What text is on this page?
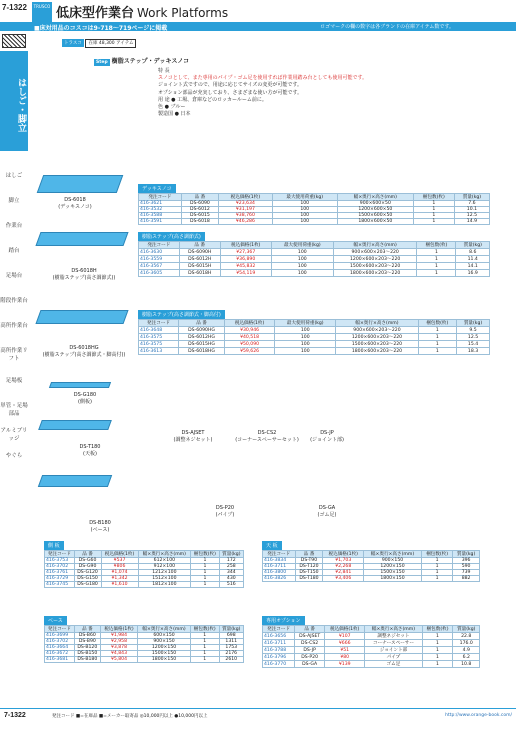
7-1322	TRUSCO 低床型作業台 Work Platforms
■床対用品のコスコは9-718〜719ページに掲載	ロゴマークの欄の数字は各ブランドの在庫アイテム数です。
はしご・脚立
はしご
脚立
作業台
踏台
足場台
階段作業台
高所作業台
高所作業リフト
足場板
単管・足場部品
アルミブリッジ
やぐら
トラスコ 在庫 48,300 アイテム
Step 樹脂ステップ・デッキスノコ
特 長
スノコとして、また専用のパイプ・ゴム足を使用すれば作業用踏み台としても使用可能です。
ジョイント式ですので、用途に応じてサイズの変更が可能です。
オプション部品が充実しており、さまざまな使い方が可能です。
用 途 ● 工場、倉庫などのロッカールーム前に。
色 ● ブルー
製造国 ● 日本
DS-6018
(デッキスノコ)
DS-6018H
(樹脂ステップ(高さ調節式))
DS-6018HG
(樹脂ステップ(高さ調節式・脚高付))
DS-G180
(側板)
DS-T180
(天板)
DS-B180
(ベース)
DS-AJSET
(調整ネジセット)
DS-CS2
(コーナースペーサーセット)
DS-JP
(ジョイント部)
DS-P20
(パイプ)
DS-GA
(ゴム足)
デッキスノコ
発注コード	品 番	税込価格(1枚)	最大使用荷重(kg)	幅×奥行×高さ(mm)	梱包数(枚)	質量(kg)
416-3621	DS-6090	¥23,634	100	900×600×50	1	7.6
416-3532	DS-6012	¥31,197	100	1200×600×50	1	10.1
416-3588	DS-6015	¥38,760	100	1500×600×50	1	12.5
416-3591	DS-6018	¥46,286	100	1800×600×50	1	14.9
樹脂ステップ(高さ調節式)
発注コード	品 番	税込価格(1枚)	最大使用荷重(kg)	幅×奥行×高さ(mm)	梱包数(枚)	質量(kg)
416-3630	DS-6090H	¥27,367	100	900×600×203〜220	1	8.6
416-3559	DS-6012H	¥36,890	100	1200×600×203〜220	1	11.4
416-3567	DS-6015H	¥45,832	100	1500×600×203〜220	1	14.1
416-3605	DS-6018H	¥54,119	100	1800×600×203〜220	1	16.9
樹脂ステップ(高さ調節式・脚高付)
発注コード	品 番	税込価格(1枚)	最大使用荷重(kg)	幅×奥行×高さ(mm)	梱包数(枚)	質量(kg)
416-3648	DS-6090HG	¥30,946	100	900×600×203〜220	1	9.5
416-3575	DS-6012HG	¥40,518	100	1200×600×203〜220	1	12.5
416-3575	DS-6015HG	¥50,090	100	1500×600×203〜220	1	15.4
416-3613	DS-6018HG	¥59,626	100	1800×600×203〜220	1	18.3
側 板
発注コード	品 番	税込価格(1枚)	幅×奥行×高さ(mm)	梱包数(枚)	質量(kg)
416-3753	DS-G60	¥537	612×100	1	172
416-3702	DS-G90	¥806	912×100	1	258
416-3761	DS-G120	¥1,074	1212×100	1	344
416-3729	DS-G150	¥1,342	1512×100	1	430
416-3745	DS-G180	¥1,610	1812×100	1	516
天 板
発注コード	品 番	税込価格(1枚)	幅×奥行×高さ(mm)	梱包数(枚)	質量(kg)
416-3834	DS-T90	¥1,703	900×150	1	396
416-3711	DS-T120	¥2,268	1200×150	1	590
416-3800	DS-T150	¥2,841	1500×150	1	739
416-3826	DS-T180	¥3,406	1800×150	1	882
ベース
発注コード	品 番	税込価格(1枚)	幅×奥行×高さ(mm)	梱包数(枚)	質量(kg)
416-3699	DS-B60	¥1,984	600×150	1	698
416-3702	DS-B90	¥2,958	900×150	1	1311
416-3664	DS-B120	¥3,878	1200×150	1	1753
416-3672	DS-B150	¥4,843	1500×150	1	2176
416-3681	DS-B180	¥5,804	1800×150	1	2610
専用オプション
発注コード	品 番	税込価格(1枚)	幅×奥行×高さ(mm)	梱包数(枚)	質量(kg)
416-3656	DS-AJSET	¥107	調整ネジセット	1	22.8
416-3711	DS-CS2	¥666	コーナースペーサー	1	176.0
416-3788	DS-JP	¥51	ジョイント部	1	4.9
416-3796	DS-P20	¥80	パイプ	1	6.2
416-3770	DS-GA	¥139	ゴム足	1	10.8
7-1322	発注コード ■=在庫品 ■=メーカー取寄品 ◎10,000円以上 ●10,000円以上	http://www.orange-book.com/
